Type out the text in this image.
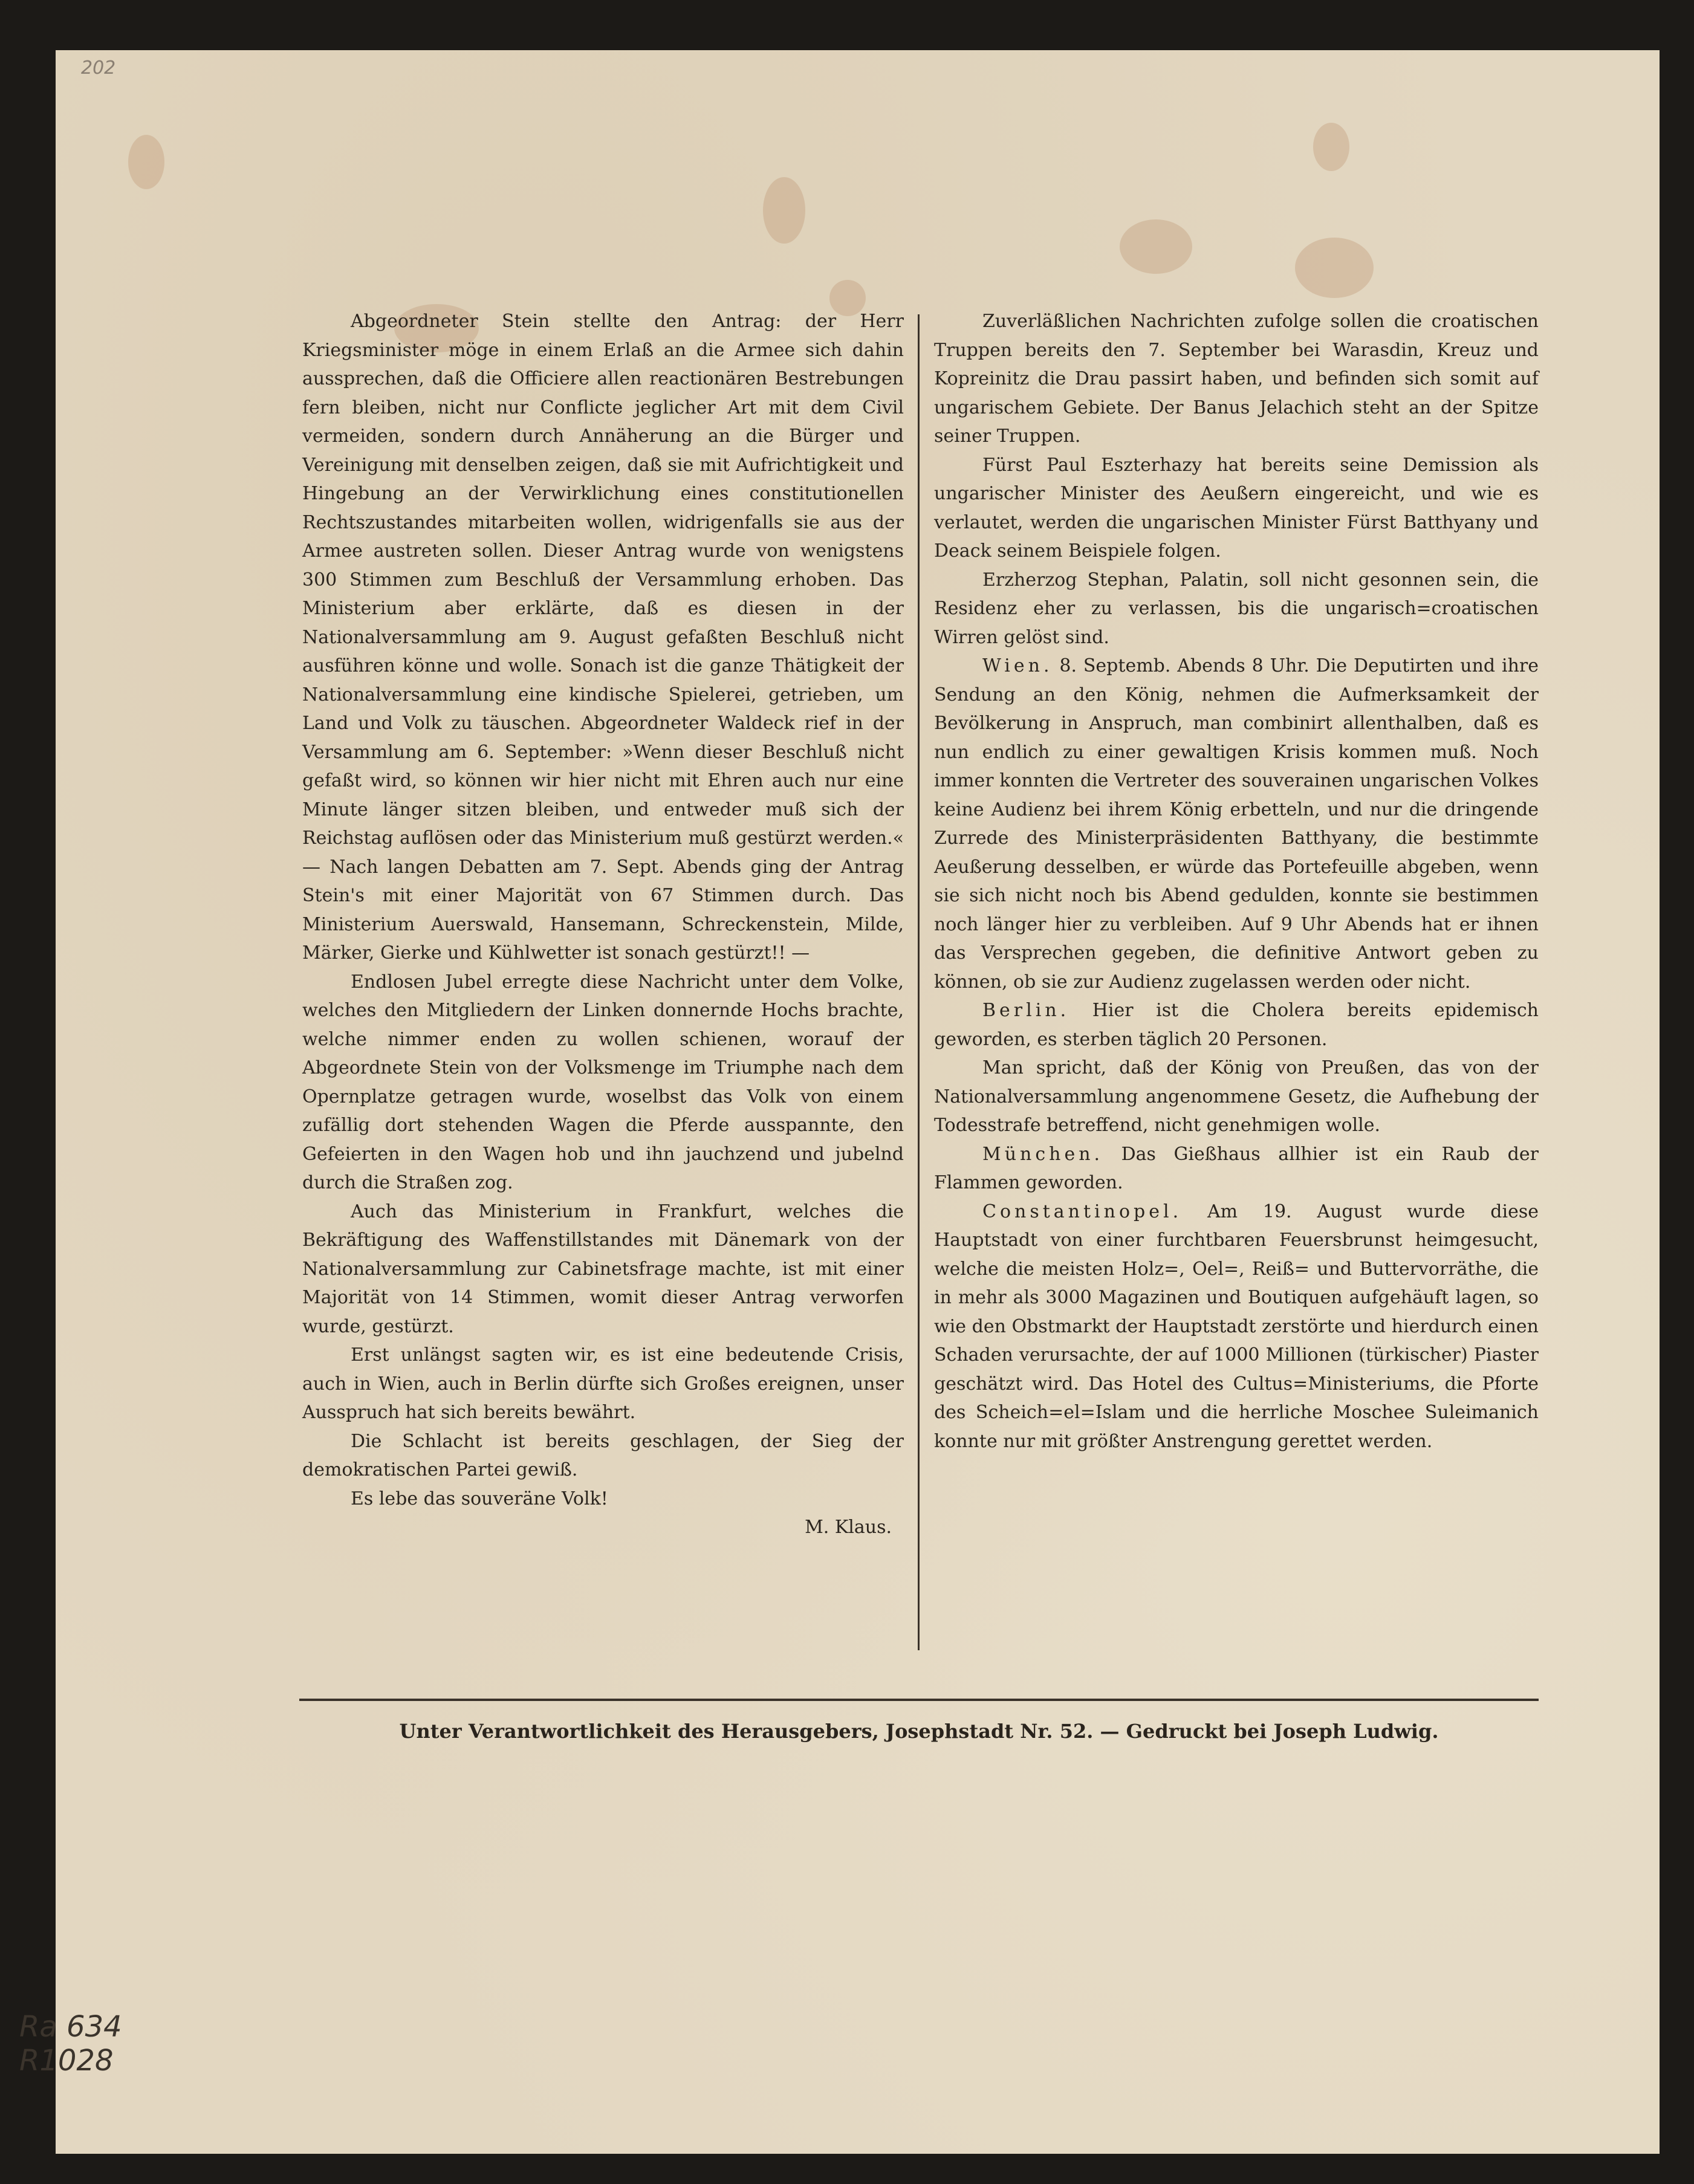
202

Abgeordneter Stein stellte den Antrag: der Herr Kriegsminister möge in einem Erlaß an die Armee sich dahin aussprechen, daß die Officiere allen reactionären Bestrebungen fern bleiben, nicht nur Conflicte jeglicher Art mit dem Civil vermeiden, sondern durch Annäherung an die Bürger und Vereinigung mit denselben zeigen, daß sie mit Aufrichtigkeit und Hingebung an der Verwirklichung eines constitutionellen Rechtszustandes mitarbeiten wollen, widrigenfalls sie aus der Armee austreten sollen. Dieser Antrag wurde von wenigstens 300 Stimmen zum Beschluß der Versammlung erhoben. Das Ministerium aber erklärte, daß es diesen in der Nationalversammlung am 9. August gefaßten Beschluß nicht ausführen könne und wolle. Sonach ist die ganze Thätigkeit der Nationalversammlung eine kindische Spielerei, getrieben, um Land und Volk zu täuschen. Abgeordneter Waldeck rief in der Versammlung am 6. September: »Wenn dieser Beschluß nicht gefaßt wird, so können wir hier nicht mit Ehren auch nur eine Minute länger sitzen bleiben, und entweder muß sich der Reichstag auflösen oder das Ministerium muß gestürzt werden.« — Nach langen Debatten am 7. Sept. Abends ging der Antrag Stein's mit einer Majorität von 67 Stimmen durch. Das Ministerium Auerswald, Hansemann, Schreckenstein, Milde, Märker, Gierke und Kühlwetter ist sonach gestürzt!! —

Endlosen Jubel erregte diese Nachricht unter dem Volke, welches den Mitgliedern der Linken donnernde Hochs brachte, welche nimmer enden zu wollen schienen, worauf der Abgeordnete Stein von der Volksmenge im Triumphe nach dem Opernplatze getragen wurde, woselbst das Volk von einem zufällig dort stehenden Wagen die Pferde ausspannte, den Gefeierten in den Wagen hob und ihn jauchzend und jubelnd durch die Straßen zog.

Auch das Ministerium in Frankfurt, welches die Bekräftigung des Waffenstillstandes mit Dänemark von der Nationalversammlung zur Cabinetsfrage machte, ist mit einer Majorität von 14 Stimmen, womit dieser Antrag verworfen wurde, gestürzt.

Erst unlängst sagten wir, es ist eine bedeutende Crisis, auch in Wien, auch in Berlin dürfte sich Großes ereignen, unser Ausspruch hat sich bereits bewährt.

Die Schlacht ist bereits geschlagen, der Sieg der demokratischen Partei gewiß.

Es lebe das souveräne Volk!

M. Klaus.

Zuverläßlichen Nachrichten zufolge sollen die croatischen Truppen bereits den 7. September bei Warasdin, Kreuz und Kopreinitz die Drau passirt haben, und befinden sich somit auf ungarischem Gebiete. Der Banus Jelachich steht an der Spitze seiner Truppen.

Fürst Paul Eszterhazy hat bereits seine Demission als ungarischer Minister des Aeußern eingereicht, und wie es verlautet, werden die ungarischen Minister Fürst Batthyany und Deack seinem Beispiele folgen.

Erzherzog Stephan, Palatin, soll nicht gesonnen sein, die Residenz eher zu verlassen, bis die ungarisch=croatischen Wirren gelöst sind.

Wien. 8. Septemb. Abends 8 Uhr. Die Deputirten und ihre Sendung an den König, nehmen die Aufmerksamkeit der Bevölkerung in Anspruch, man combinirt allenthalben, daß es nun endlich zu einer gewaltigen Krisis kommen muß. Noch immer konnten die Vertreter des souverainen ungarischen Volkes keine Audienz bei ihrem König erbetteln, und nur die dringende Zurrede des Ministerpräsidenten Batthyany, die bestimmte Aeußerung desselben, er würde das Portefeuille abgeben, wenn sie sich nicht noch bis Abend gedulden, konnte sie bestimmen noch länger hier zu verbleiben. Auf 9 Uhr Abends hat er ihnen das Versprechen gegeben, die definitive Antwort geben zu können, ob sie zur Audienz zugelassen werden oder nicht.

Berlin. Hier ist die Cholera bereits epidemisch geworden, es sterben täglich 20 Personen.

Man spricht, daß der König von Preußen, das von der Nationalversammlung angenommene Gesetz, die Aufhebung der Todesstrafe betreffend, nicht genehmigen wolle.

München. Das Gießhaus allhier ist ein Raub der Flammen geworden.

Constantinopel. Am 19. August wurde diese Hauptstadt von einer furchtbaren Feuersbrunst heimgesucht, welche die meisten Holz=, Oel=, Reiß= und Buttervorräthe, die in mehr als 3000 Magazinen und Boutiquen aufgehäuft lagen, so wie den Obstmarkt der Hauptstadt zerstörte und hierdurch einen Schaden verursachte, der auf 1000 Millionen (türkischer) Piaster geschätzt wird. Das Hotel des Cultus=Ministeriums, die Pforte des Scheich=el=Islam und die herrliche Moschee Suleimanich konnte nur mit größter Anstrengung gerettet werden.

Unter Verantwortlichkeit des Herausgebers, Josephstadt Nr. 52. — Gedruckt bei Joseph Ludwig.
Ra 634
R1028
